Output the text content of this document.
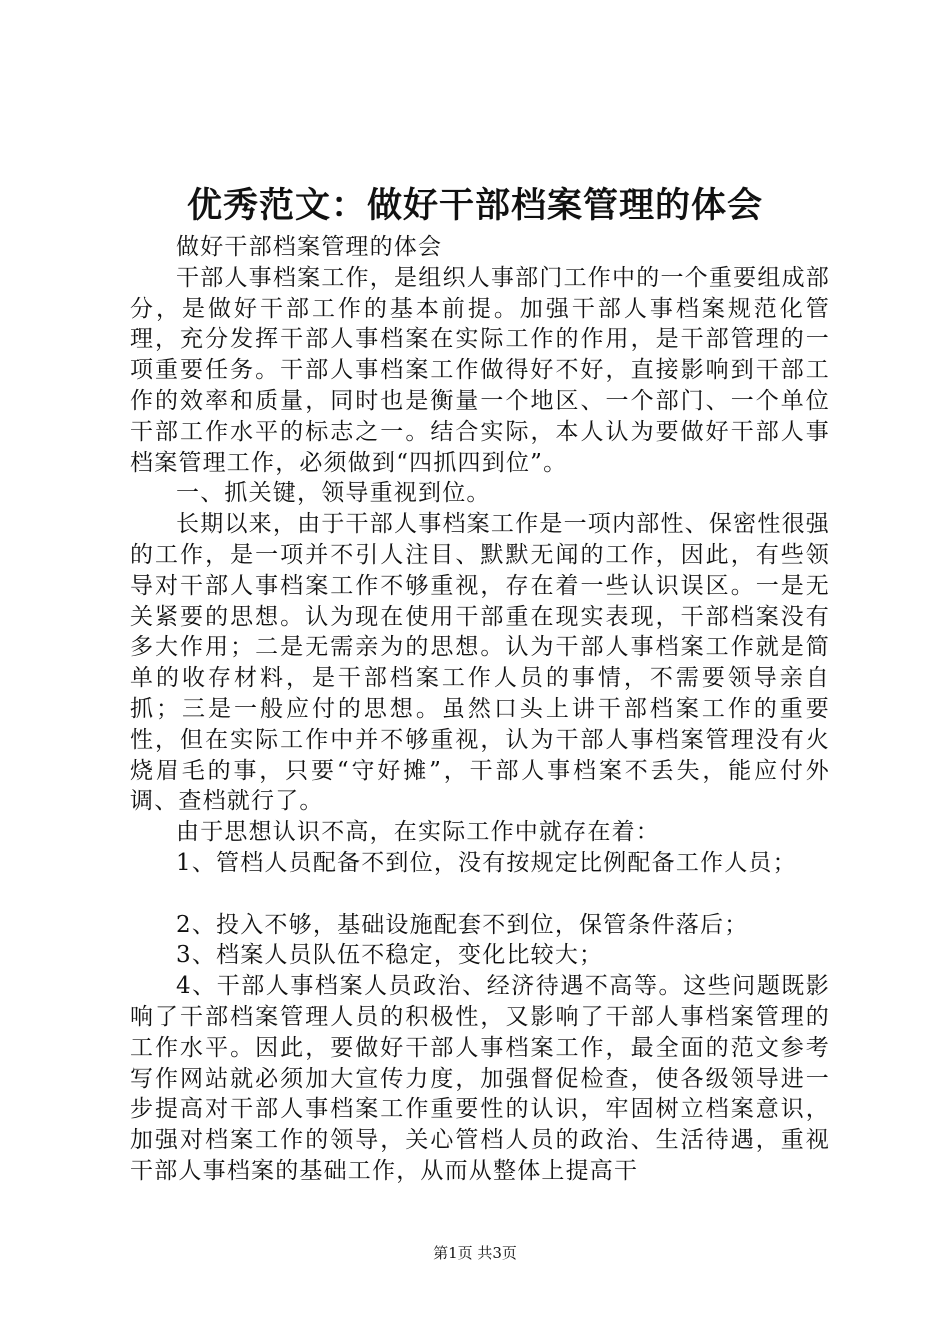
优秀范文：做好干部档案管理的体会

做好干部档案管理的体会

干部人事档案工作，是组织人事部门工作中的一个重要组成部分，是做好干部工作的基本前提。加强干部人事档案规范化管理，充分发挥干部人事档案在实际工作的作用，是干部管理的一项重要任务。干部人事档案工作做得好不好，直接影响到干部工作的效率和质量，同时也是衡量一个地区、一个部门、一个单位干部工作水平的标志之一。结合实际，本人认为要做好干部人事档案管理工作，必须做到“四抓四到位”。

一、抓关键，领导重视到位。

长期以来，由于干部人事档案工作是一项内部性、保密性很强的工作，是一项并不引人注目、默默无闻的工作，因此，有些领导对干部人事档案工作不够重视，存在着一些认识误区。一是无关紧要的思想。认为现在使用干部重在现实表现，干部档案没有多大作用；二是无需亲为的思想。认为干部人事档案工作就是简单的收存材料，是干部档案工作人员的事情，不需要领导亲自抓；三是一般应付的思想。虽然口头上讲干部档案工作的重要性，但在实际工作中并不够重视，认为干部人事档案管理没有火烧眉毛的事，只要“守好摊”，干部人事档案不丢失，能应付外调、查档就行了。

由于思想认识不高，在实际工作中就存在着：

1、管档人员配备不到位，没有按规定比例配备工作人员；

2、投入不够，基础设施配套不到位，保管条件落后；

3、档案人员队伍不稳定，变化比较大；

4、干部人事档案人员政治、经济待遇不高等。这些问题既影响了干部档案管理人员的积极性，又影响了干部人事档案管理的工作水平。因此，要做好干部人事档案工作，最全面的范文参考写作网站就必须加大宣传力度，加强督促检查，使各级领导进一步提高对干部人事档案工作重要性的认识，牢固树立档案意识，加强对档案工作的领导，关心管档人员的政治、生活待遇，重视干部人事档案的基础工作，从而从整体上提高干

第1页 共3页
